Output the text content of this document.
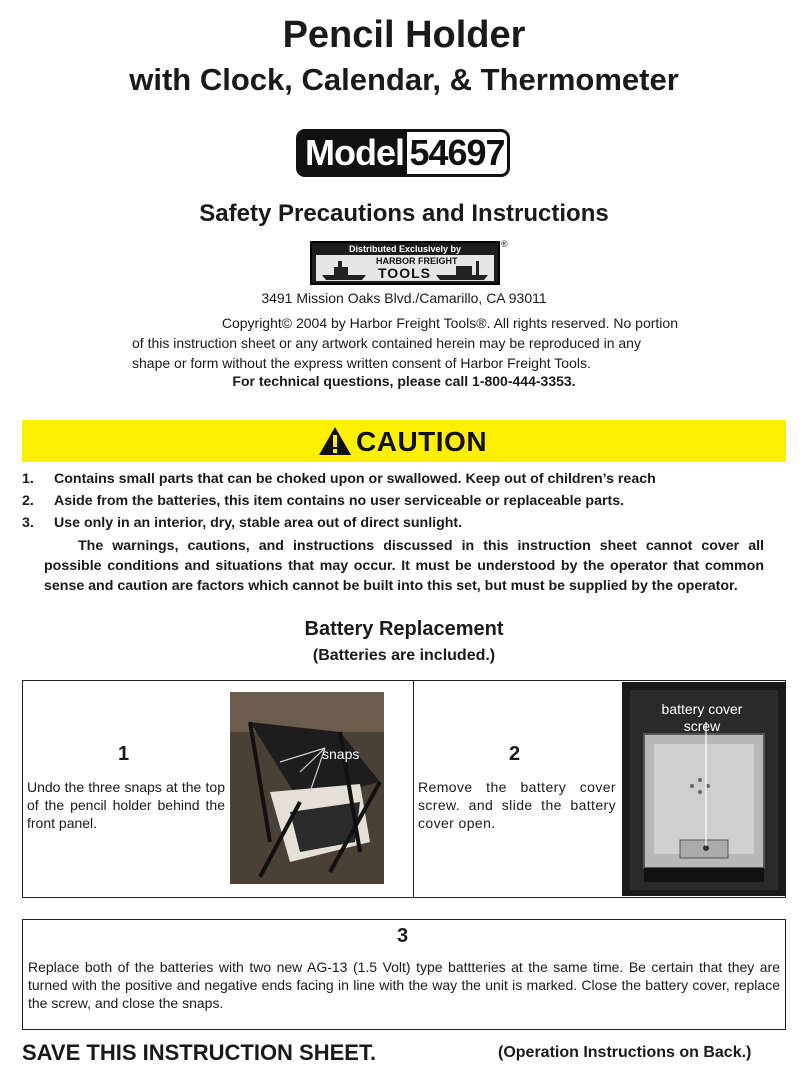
Pencil Holder
with Clock, Calendar, & Thermometer
Model 54697
Safety Precautions and Instructions
Distributed Exclusively by
HARBOR FREIGHT
TOOLS
®
3491 Mission Oaks Blvd./Camarillo, CA 93011
Copyright© 2004 by Harbor Freight Tools®. All rights reserved. No portion
of this instruction sheet or any artwork contained herein may be reproduced in any
shape or form without the express written consent of Harbor Freight Tools.
For technical questions, please call 1-800-444-3353.
CAUTION
1.	Contains small parts that can be choked upon or swallowed. Keep out of children’s reach
2.	Aside from the batteries, this item contains no user serviceable or replaceable parts.
3.	Use only in an interior, dry, stable area out of direct sunlight.
The warnings, cautions, and instructions discussed in this instruction sheet cannot cover all possible conditions and situations that may occur. It must be understood by the operator that common sense and caution are factors which cannot be built into this set, but must be supplied by the operator.
Battery Replacement
(Batteries are included.)
1
Undo the three snaps at the top of the pencil holder behind the front panel.
snaps	2
Remove the battery cover screw. and slide the battery cover open.
battery cover
screw
3
Replace both of the batteries with two new AG-13 (1.5 Volt) type battteries at the same time. Be certain that they are turned with the positive and negative ends facing in line with the way the unit is marked. Close the battery cover, replace the screw, and close the snaps.
SAVE THIS INSTRUCTION SHEET.	(Operation Instructions on Back.)
